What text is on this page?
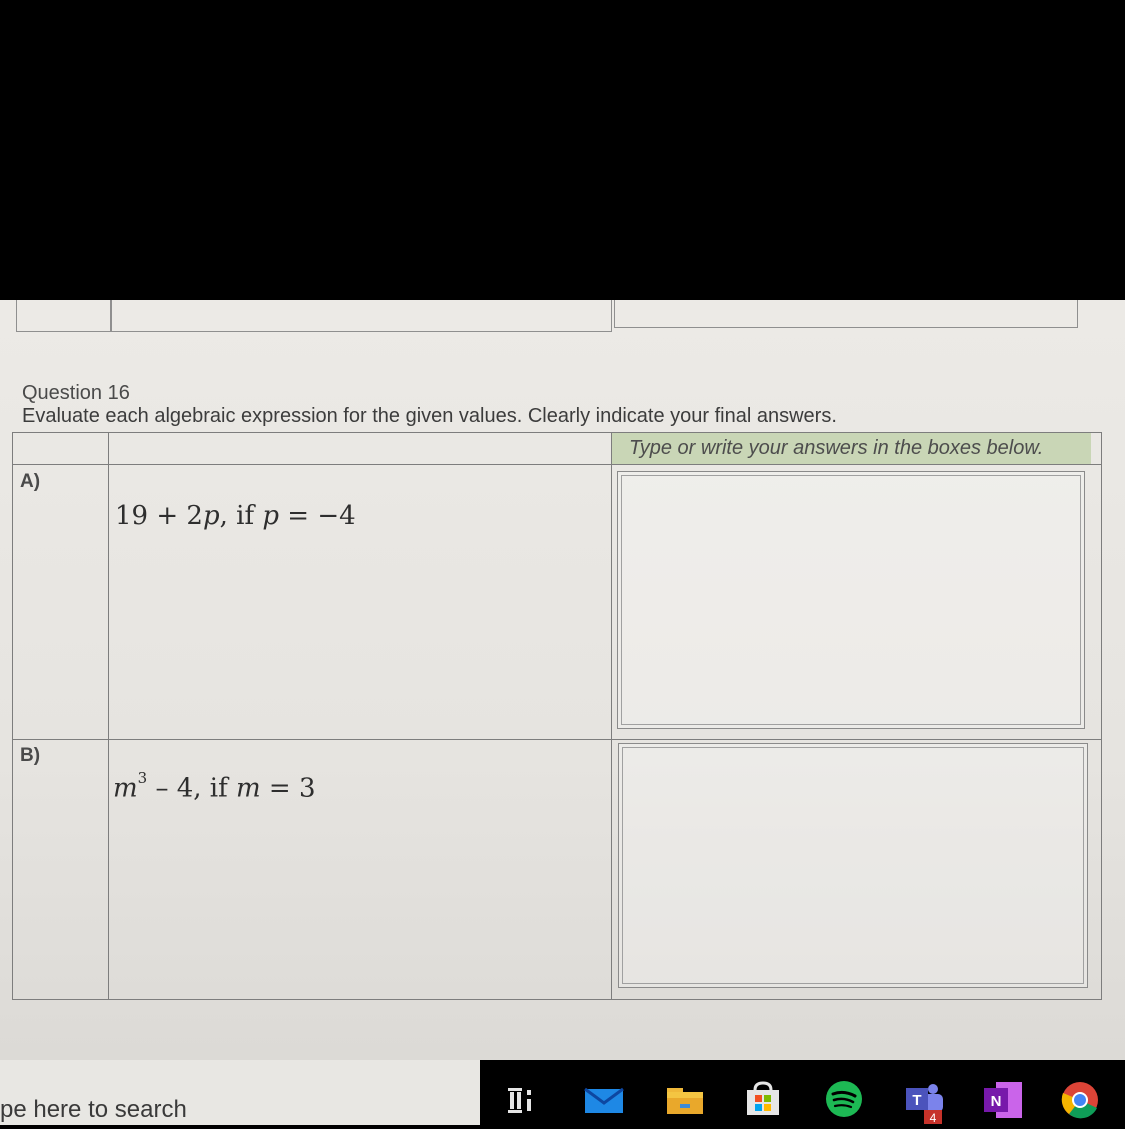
Question 16
Evaluate each algebraic expression for the given values. Clearly indicate your final answers.
Type or write your answers in the boxes below.
A)
19 + 2p, if p = −4
B)
$m^3 - 4$, if m = 3
pe here to search	T
4
N
